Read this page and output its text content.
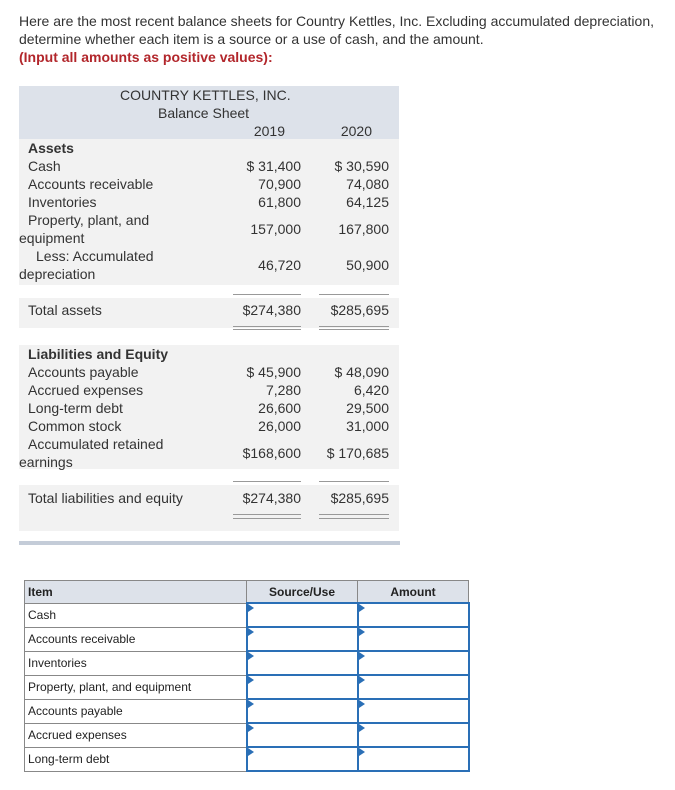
Here are the most recent balance sheets for Country Kettles, Inc. Excluding accumulated depreciation, determine whether each item is a source or a use of cash, and the amount.
(Input all amounts as positive values):
COUNTRY KETTLES, INC.
Balance Sheet
2019	2020
Assets
Cash	$ 31,400	$ 30,590
Accounts receivable	70,900	74,080
Inventories	61,800	64,125
Property, plant, and
equipment
157,000	167,800
Less: Accumulated
depreciation
46,720	50,900
Total assets	$274,380	$285,695
Liabilities and Equity
Accounts payable	$ 45,900	$ 48,090
Accrued expenses	7,280	6,420
Long-term debt	26,600	29,500
Common stock	26,000	31,000
Accumulated retained
earnings
$168,600	$ 170,685
Total liabilities and equity	$274,380	$285,695
Item	Source/Use	Amount
Cash	

Accounts receivable	

Inventories	

Property, plant, and equipment	

Accounts payable	

Accrued expenses	

Long-term debt	
